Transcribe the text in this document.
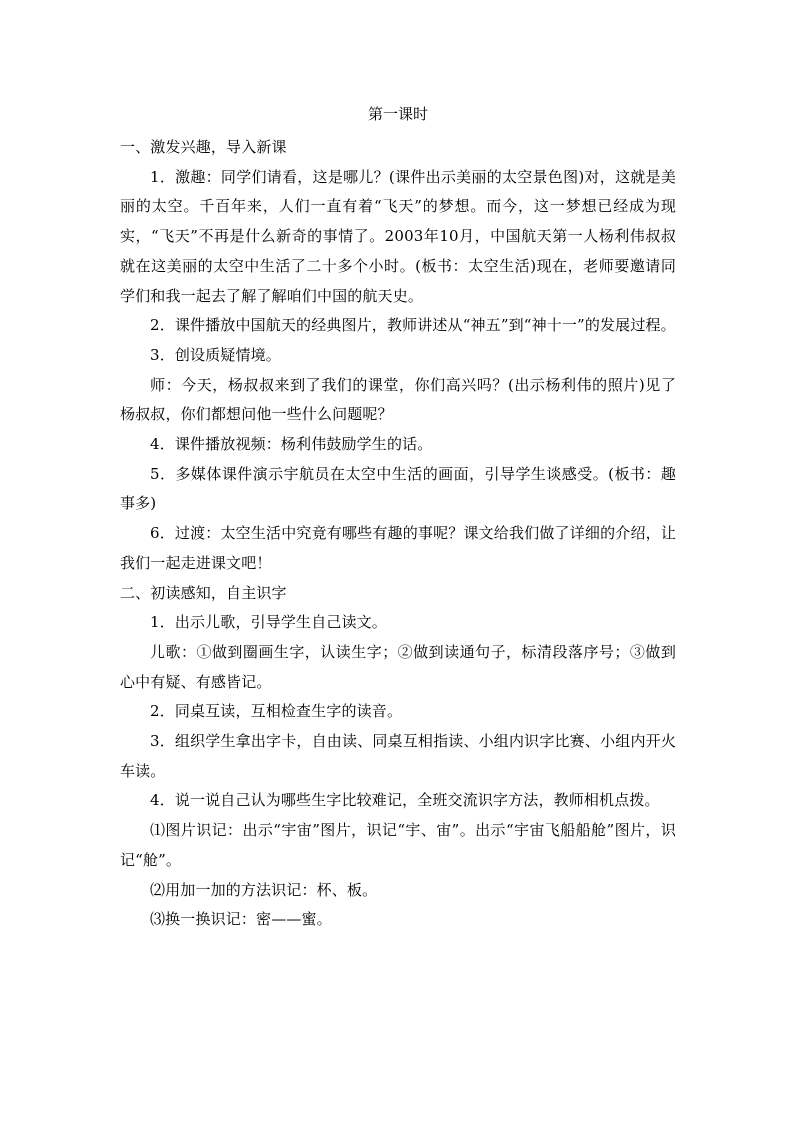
第一课时

一、激发兴趣，导入新课

1．激趣：同学们请看，这是哪儿？(课件出示美丽的太空景色图)对，这就是美丽的太空。千百年来，人们一直有着“飞天”的梦想。而今，这一梦想已经成为现实，“飞天”不再是什么新奇的事情了。2003年10月，中国航天第一人杨利伟叔叔就在这美丽的太空中生活了二十多个小时。(板书：太空生活)现在，老师要邀请同学们和我一起去了解了解咱们中国的航天史。

2．课件播放中国航天的经典图片，教师讲述从“神五”到“神十一”的发展过程。

3．创设质疑情境。

师：今天，杨叔叔来到了我们的课堂，你们高兴吗？(出示杨利伟的照片)见了杨叔叔，你们都想问他一些什么问题呢？

4．课件播放视频：杨利伟鼓励学生的话。

5．多媒体课件演示宇航员在太空中生活的画面，引导学生谈感受。(板书：趣事多)

6．过渡：太空生活中究竟有哪些有趣的事呢？课文给我们做了详细的介绍，让我们一起走进课文吧！

二、初读感知，自主识字

1．出示儿歌，引导学生自己读文。

儿歌：①做到圈画生字，认读生字；②做到读通句子，标清段落序号；③做到心中有疑、有感皆记。

2．同桌互读，互相检查生字的读音。

3．组织学生拿出字卡，自由读、同桌互相指读、小组内识字比赛、小组内开火车读。

4．说一说自己认为哪些生字比较难记，全班交流识字方法，教师相机点拨。

⑴图片识记：出示“宇宙”图片，识记“宇、宙”。出示“宇宙飞船船舱”图片，识记“舱”。

⑵用加一加的方法识记：杯、板。

⑶换一换识记：密——蜜。
